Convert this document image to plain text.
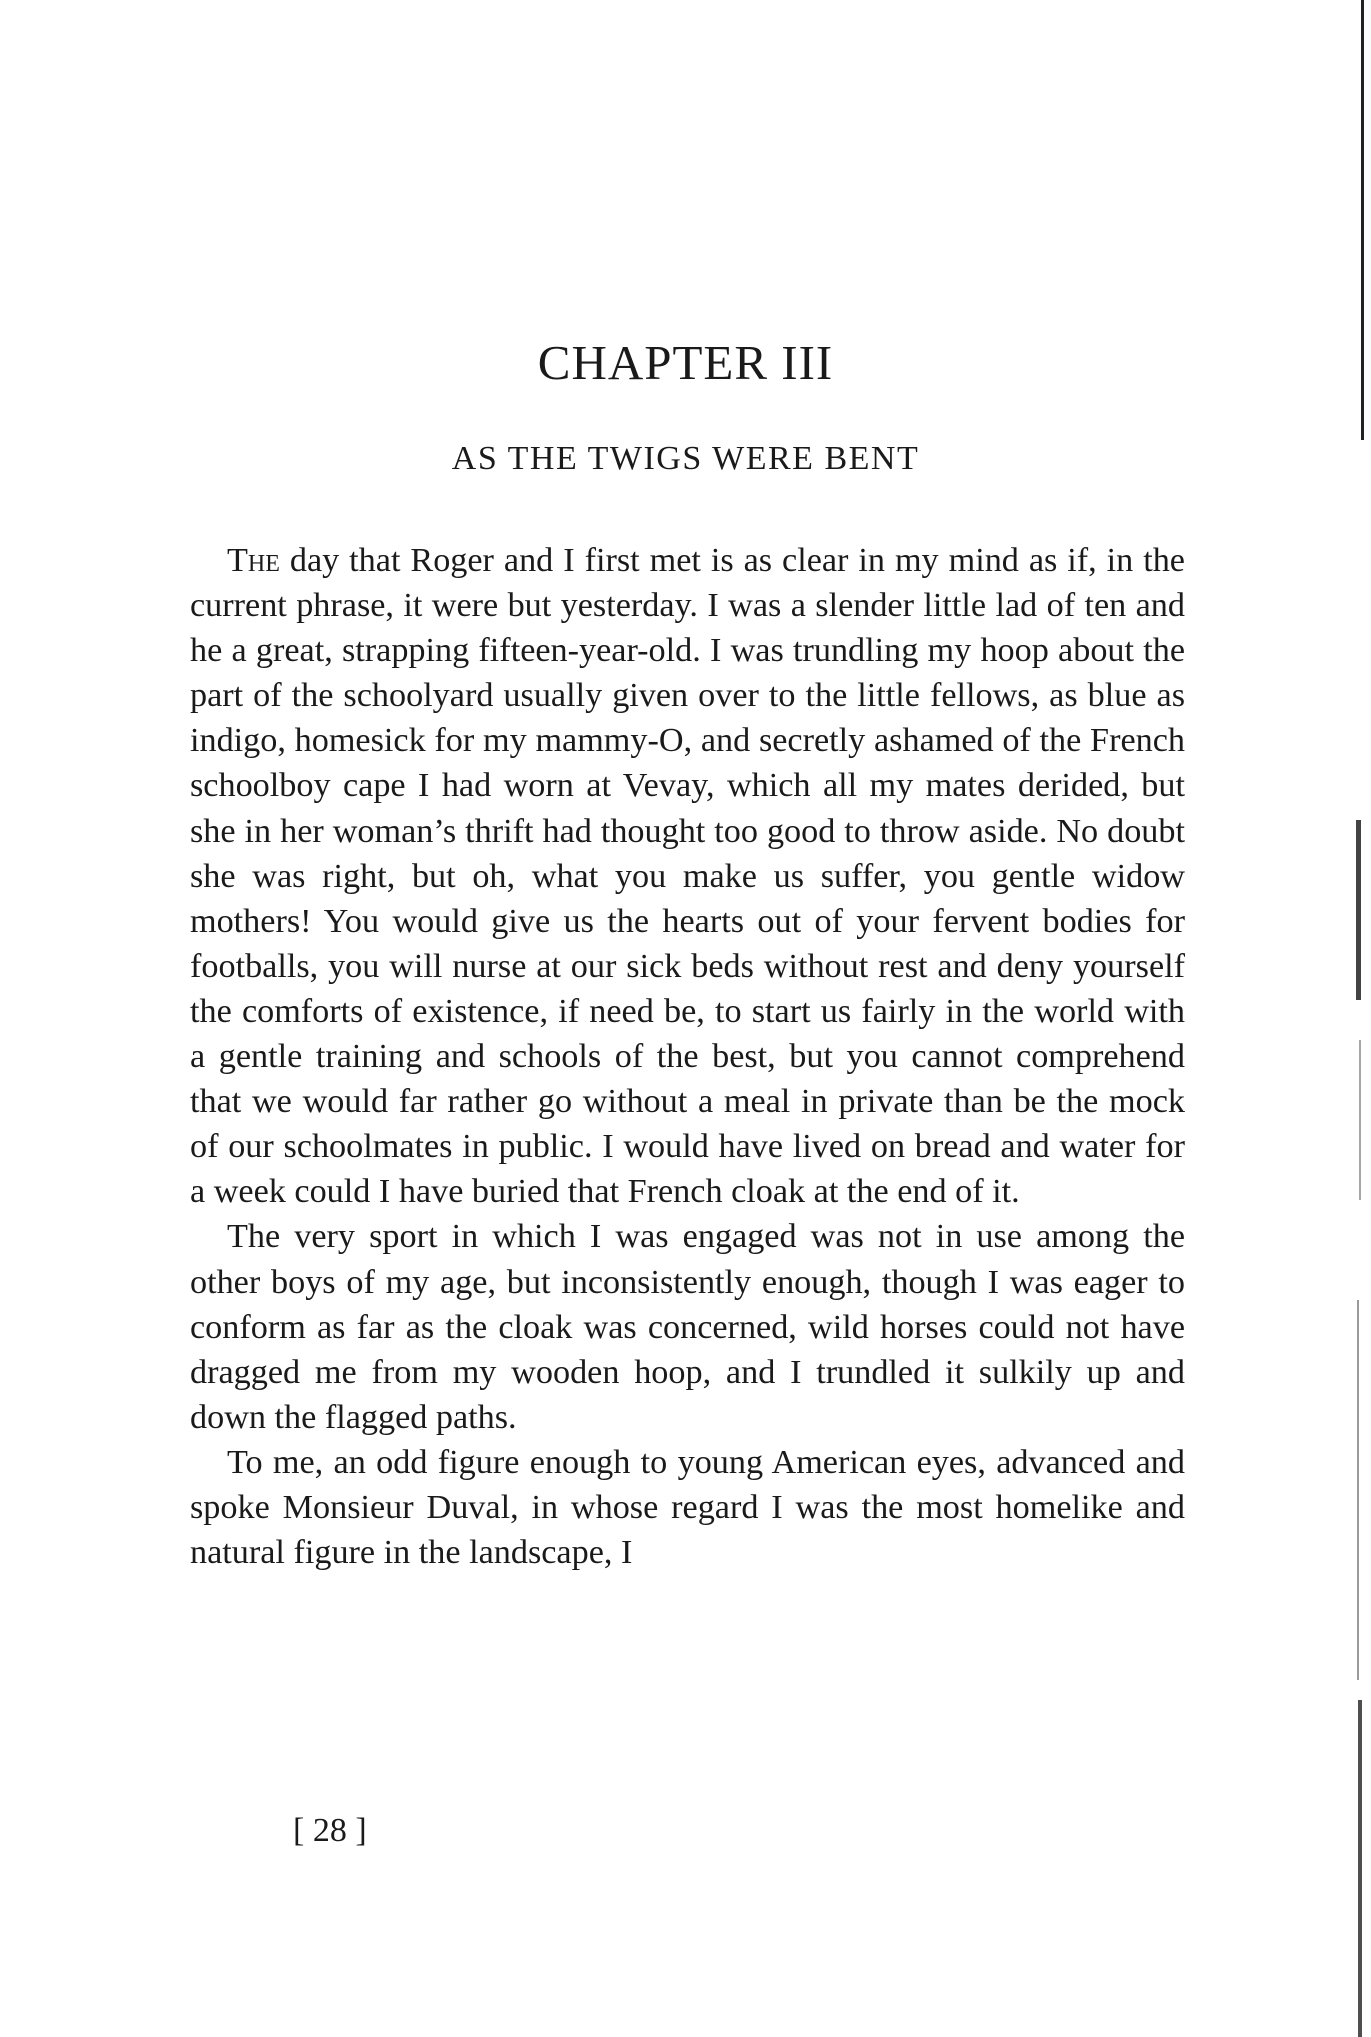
CHAPTER III
AS THE TWIGS WERE BENT

The day that Roger and I first met is as clear in my mind as if, in the current phrase, it were but yesterday. I was a slender little lad of ten and he a great, strapping fifteen-year-old. I was trundling my hoop about the part of the schoolyard usually given over to the little fellows, as blue as indigo, homesick for my mammy-O, and secretly ashamed of the French schoolboy cape I had worn at Vevay, which all my mates derided, but she in her woman’s thrift had thought too good to throw aside. No doubt she was right, but oh, what you make us suffer, you gentle widow mothers! You would give us the hearts out of your fervent bodies for footballs, you will nurse at our sick beds without rest and deny yourself the comforts of existence, if need be, to start us fairly in the world with a gentle training and schools of the best, but you cannot comprehend that we would far rather go without a meal in private than be the mock of our schoolmates in public. I would have lived on bread and water for a week could I have buried that French cloak at the end of it.

The very sport in which I was engaged was not in use among the other boys of my age, but inconsistently enough, though I was eager to conform as far as the cloak was concerned, wild horses could not have dragged me from my wooden hoop, and I trundled it sulkily up and down the flagged paths.

To me, an odd figure enough to young American eyes, advanced and spoke Monsieur Duval, in whose regard I was the most homelike and natural figure in the landscape, I

[ 28 ]
